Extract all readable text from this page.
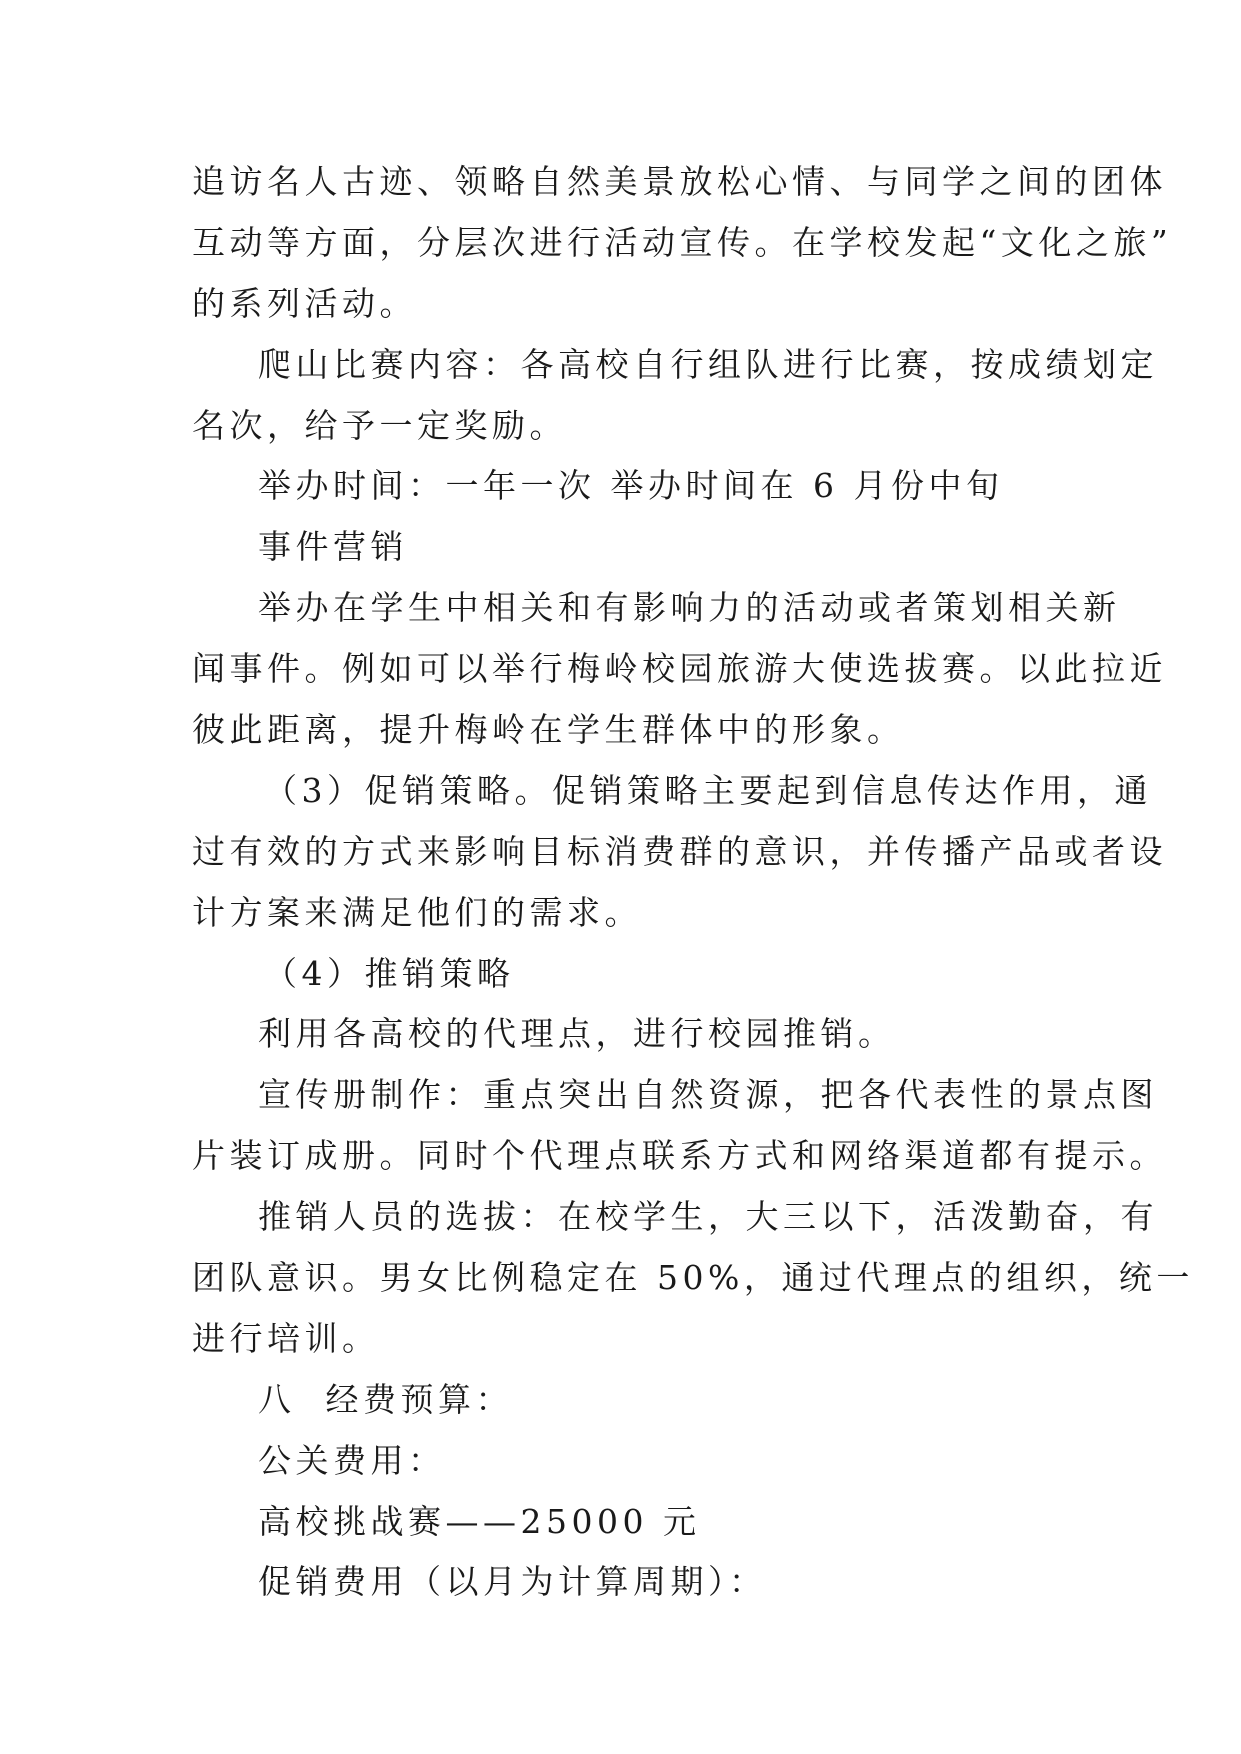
追访名人古迹、领略自然美景放松心情、与同学之间的团体
互动等方面，分层次进行活动宣传。在学校发起“文化之旅”
的系列活动。
爬山比赛内容：各高校自行组队进行比赛，按成绩划定
名次，给予一定奖励。
举办时间：一年一次 举办时间在 6 月份中旬
事件营销
举办在学生中相关和有影响力的活动或者策划相关新
闻事件。例如可以举行梅岭校园旅游大使选拔赛。以此拉近
彼此距离，提升梅岭在学生群体中的形象。
（3）促销策略。促销策略主要起到信息传达作用，通
过有效的方式来影响目标消费群的意识，并传播产品或者设
计方案来满足他们的需求。
（4）推销策略
利用各高校的代理点，进行校园推销。
宣传册制作：重点突出自然资源，把各代表性的景点图
片装订成册。同时个代理点联系方式和网络渠道都有提示。
推销人员的选拔：在校学生，大三以下，活泼勤奋，有
团队意识。男女比例稳定在 50%，通过代理点的组织，统一
进行培训。
八  经费预算：
公关费用：
高校挑战赛——25000 元
促销费用（以月为计算周期）：
